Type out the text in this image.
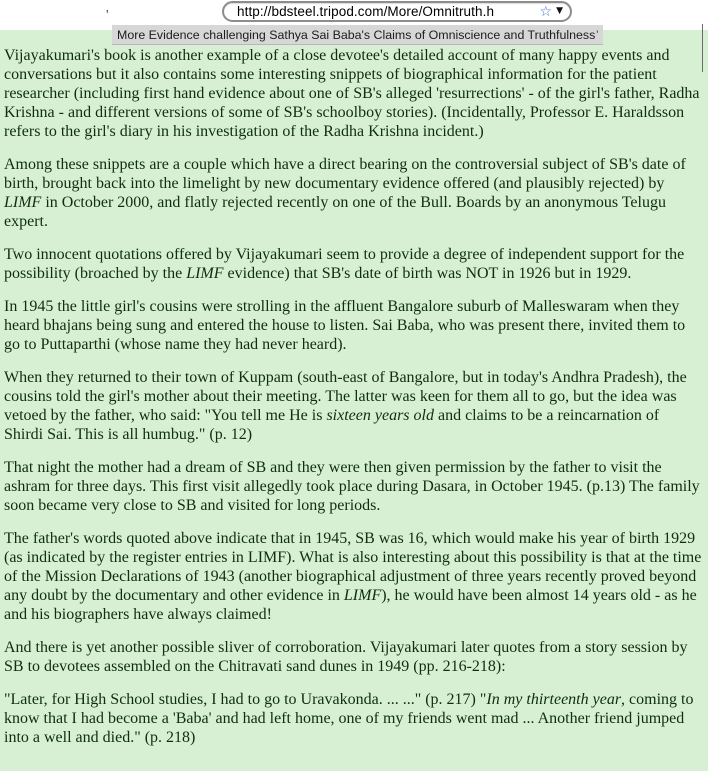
'	http://bdsteel.tripod.com/More/Omnitruth.h	☆ ▼
More Evidence challenging Sathya Sai Baba's Claims of Omniscience and Truthfulness '

Vijayakumari's book is another example of a close devotee's detailed account of many happy events and conversations but it also contains some interesting snippets of biographical information for the patient researcher (including first hand evidence about one of SB's alleged 'resurrections' - of the girl's father, Radha Krishna - and different versions of some of SB's schoolboy stories). (Incidentally, Professor E. Haraldsson refers to the girl's diary in his investigation of the Radha Krishna incident.)

Among these snippets are a couple which have a direct bearing on the controversial subject of SB's date of birth, brought back into the limelight by new documentary evidence offered (and plausibly rejected) by LIMF in October 2000, and flatly rejected recently on one of the Bull. Boards by an anonymous Telugu expert.

Two innocent quotations offered by Vijayakumari seem to provide a degree of independent support for the possibility (broached by the LIMF evidence) that SB's date of birth was NOT in 1926 but in 1929.

In 1945 the little girl's cousins were strolling in the affluent Bangalore suburb of Malleswaram when they heard bhajans being sung and entered the house to listen. Sai Baba, who was present there, invited them to go to Puttaparthi (whose name they had never heard).

When they returned to their town of Kuppam (south-east of Bangalore, but in today's Andhra Pradesh), the cousins told the girl's mother about their meeting. The latter was keen for them all to go, but the idea was vetoed by the father, who said: "You tell me He is sixteen years old and claims to be a reincarnation of Shirdi Sai. This is all humbug." (p. 12)

That night the mother had a dream of SB and they were then given permission by the father to visit the ashram for three days. This first visit allegedly took place during Dasara, in October 1945. (p.13) The family soon became very close to SB and visited for long periods.

The father's words quoted above indicate that in 1945, SB was 16, which would make his year of birth 1929 (as indicated by the register entries in LIMF). What is also interesting about this possibility is that at the time of the Mission Declarations of 1943 (another biographical adjustment of three years recently proved beyond any doubt by the documentary and other evidence in LIMF), he would have been almost 14 years old - as he and his biographers have always claimed!

And there is yet another possible sliver of corroboration. Vijayakumari later quotes from a story session by SB to devotees assembled on the Chitravati sand dunes in 1949 (pp. 216-218):

"Later, for High School studies, I had to go to Uravakonda. ... ..." (p. 217) "In my thirteenth year, coming to know that I had become a 'Baba' and had left home, one of my friends went mad ... Another friend jumped into a well and died." (p. 218)
